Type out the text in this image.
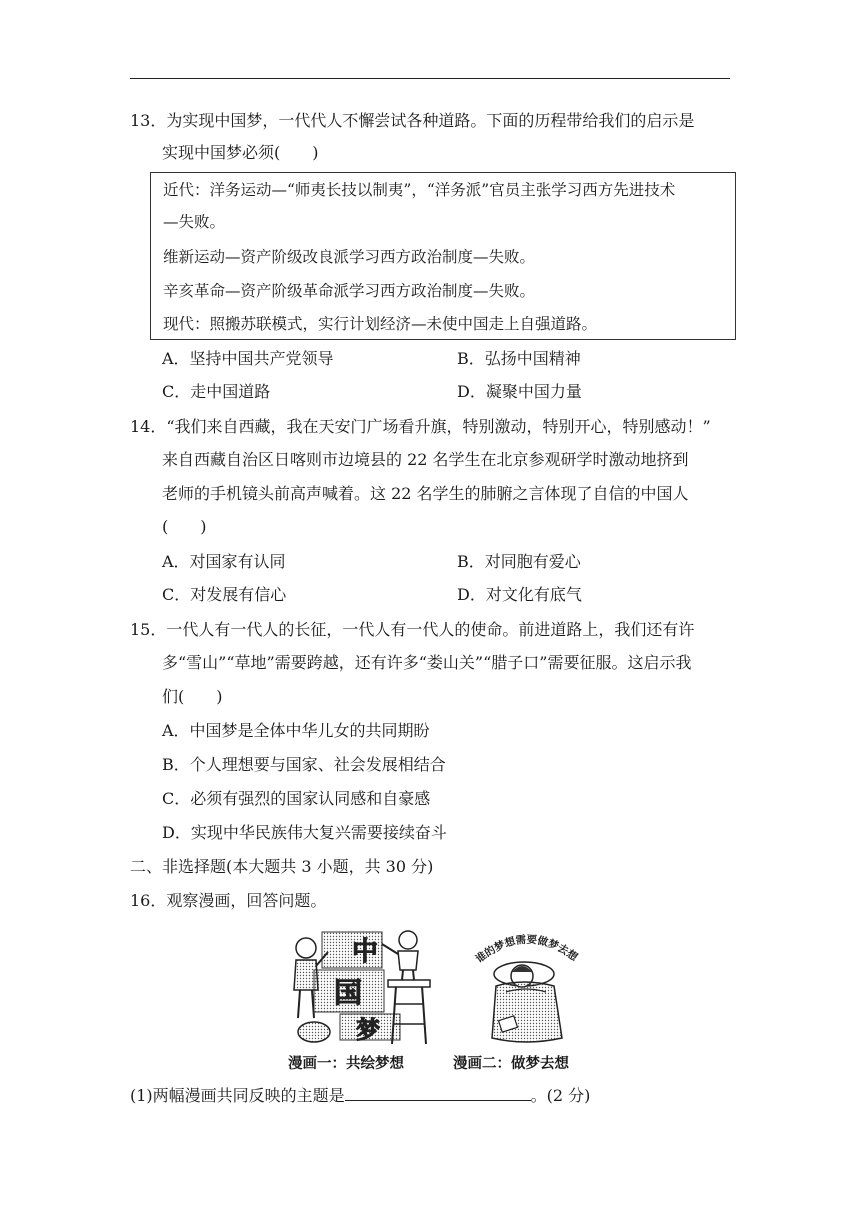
13．为实现中国梦，一代代人不懈尝试各种道路。下面的历程带给我们的启示是
实现中国梦必须(　　)
近代：洋务运动—“师夷长技以制夷”，“洋务派”官员主张学习西方先进技术
—失败。
维新运动—资产阶级改良派学习西方政治制度—失败。
辛亥革命—资产阶级革命派学习西方政治制度—失败。
现代：照搬苏联模式，实行计划经济—未使中国走上自强道路。
A．坚持中国共产党领导	B．弘扬中国精神
C．走中国道路	D．凝聚中国力量
14．“我们来自西藏，我在天安门广场看升旗，特别激动，特别开心，特别感动！”
来自西藏自治区日喀则市边境县的 22 名学生在北京参观研学时激动地挤到
老师的手机镜头前高声喊着。这 22 名学生的肺腑之言体现了自信的中国人
(　　)
A．对国家有认同	B．对同胞有爱心
C．对发展有信心	D．对文化有底气
15．一代人有一代人的长征，一代人有一代人的使命。前进道路上，我们还有许
多“雪山”“草地”需要跨越，还有许多“娄山关”“腊子口”需要征服。这启示我
们(　　)
A．中国梦是全体中华儿女的共同期盼
B．个人理想要与国家、社会发展相结合
C．必须有强烈的国家认同感和自豪感
D．实现中华民族伟大复兴需要接续奋斗
二、非选择题(本大题共 3 小题，共 30 分)
16．观察漫画，回答问题。
中
国
梦
谁的梦想需要做梦去想
漫画一：共绘梦想	漫画二：做梦去想
(1)两幅漫画共同反映的主题是	。(2 分)
